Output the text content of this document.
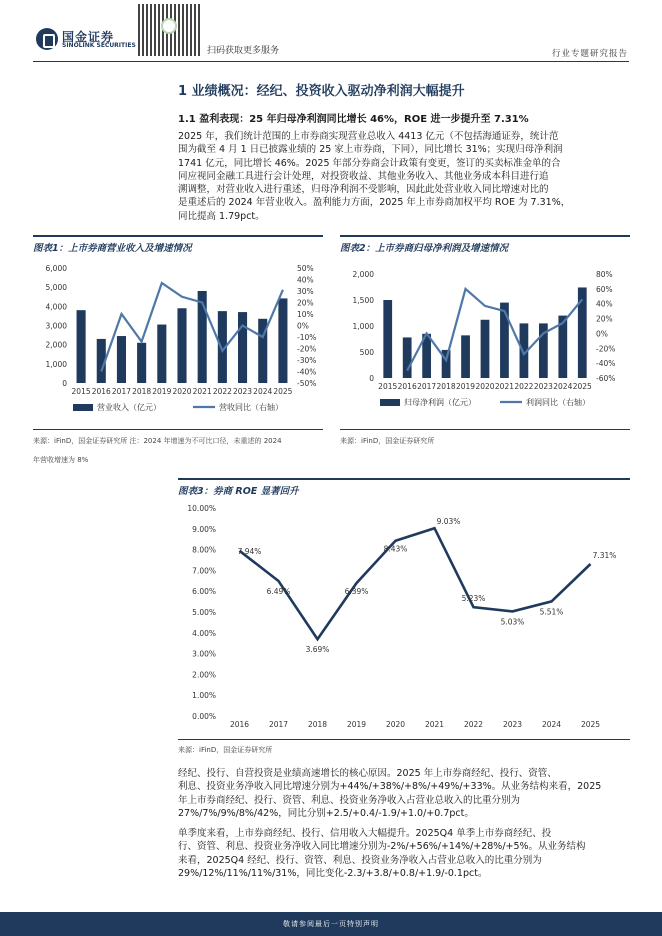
国金证券
SINOLINK SECURITIES
扫码获取更多服务	行业专题研究报告
1 业绩概况：经纪、投资收入驱动净利润大幅提升
1.1 盈利表现：25 年归母净利润同比增长 46%，ROE 进一步提升至 7.31%
2025 年，我们统计范围的上市券商实现营业总收入 4413 亿元（不包括海通证券，统计范
围为截至 4 月 1 日已披露业绩的 25 家上市券商，下同），同比增长 31%；实现归母净利润
1741 亿元，同比增长 46%。2025 年部分券商会计政策有变更，签订的买卖标准金单的合
同应视同金融工具进行会计处理，对投资收益、其他业务收入、其他业务成本科目进行追
溯调整，对营业收入进行重述，归母净利润不受影响，因此此处营业收入同比增速对比的
是重述后的 2024 年营业收入。盈利能力方面，2025 年上市券商加权平均 ROE 为 7.31%，
同比提高 1.79pct。
图表1：上市券商营业收入及增速情况
0
1,000
2,000
3,000
4,000
5,000
6,000
-50%
-40%
-30%
-20%
-10%
0%
10%
20%
30%
40%
50%
2015 2016 2017 2018 2019 2020 2021 2022 2023 2024 2025
营业收入（亿元）	营收同比（右轴）
来源：iFinD，国金证券研究所 注：2024 年增速为不可比口径，未重述的 2024
年营收增速为 8%
图表2：上市券商归母净利润及增速情况
0
500
1,000
1,500
2,000
-60%
-40%
-20%
0%
20%
40%
60%
80%
2015 2016 2017 2018 2019 2020 2021 2022 2023 2024 2025
归母净利润（亿元）	利润同比（右轴）
来源：iFinD，国金证券研究所
图表3：券商 ROE 显著回升
0.00%
1.00%
2.00%
3.00%
4.00%
5.00%
6.00%
7.00%
8.00%
9.00%
10.00%
2016	2017	2018	2019	2020	2021	2022	2023	2024	2025
7.94%
6.49%
3.69%
6.39%
8.43%
9.03%
5.23%
5.03%
5.51%
7.31%
来源：iFinD，国金证券研究所
经纪、投行、自营投资是业绩高速增长的核心原因。2025 年上市券商经纪、投行、资管、
利息、投资业务净收入同比增速分别为+44%/+38%/+8%/+49%/+33%。从业务结构来看，2025
年上市券商经纪、投行、资管、利息、投资业务净收入占营业总收入的比重分别为
27%/7%/9%/8%/42%，同比分别+2.5/+0.4/-1.9/+1.0/+0.7pct。
单季度来看，上市券商经纪、投行、信用收入大幅提升。2025Q4 单季上市券商经纪、投
行、资管、利息、投资业务净收入同比增速分别为-2%/+56%/+14%/+28%/+5%。从业务结构
来看，2025Q4 经纪、投行、资管、利息、投资业务净收入占营业总收入的比重分别为
29%/12%/11%/11%/31%，同比变化-2.3/+3.8/+0.8/+1.9/-0.1pct。
敬请参阅最后一页特别声明
